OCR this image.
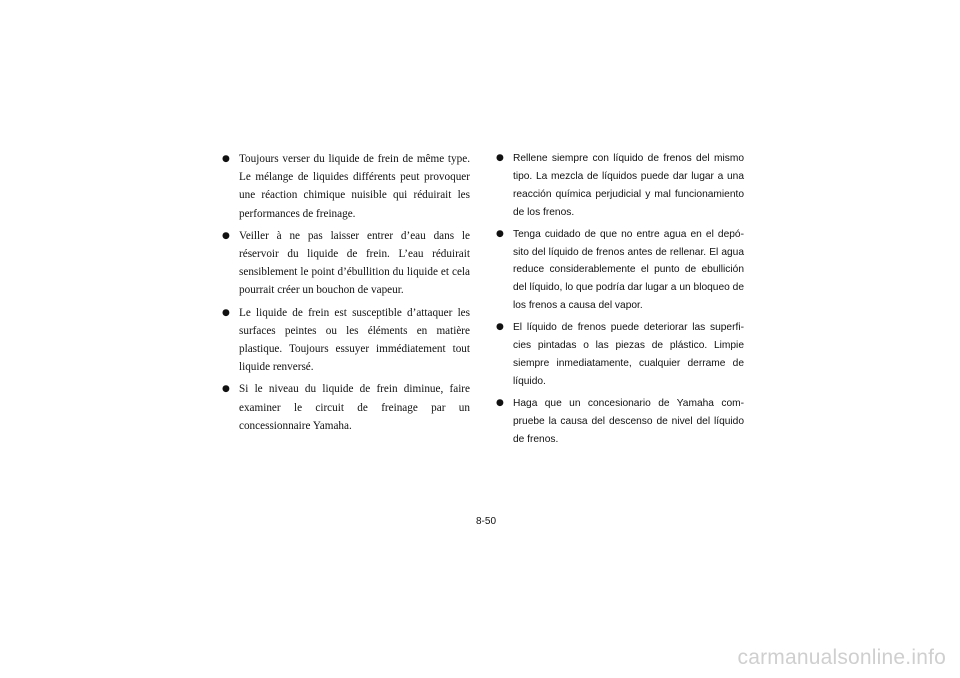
● Toujours verser du liquide de frein de même type. Le mélange de liquides différents peut provoquer une réaction chimique nuisible qui réduirait les performances de freinage.
● Veiller à ne pas laisser entrer d’eau dans le réservoir du liquide de frein. L’eau réduirait sensiblement le point d’ébullition du liquide et cela pourrait créer un bouchon de vapeur.
● Le liquide de frein est susceptible d’attaquer les surfaces peintes ou les éléments en matière plastique. Toujours essuyer immédiatement tout liquide renversé.
● Si le niveau du liquide de frein diminue, faire examiner le circuit de freinage par un concessionnaire Yamaha.
● Rellene siempre con líquido de frenos del mismo tipo. La mezcla de líquidos puede dar lugar a una reacción química perjudicial y mal funcionamiento de los frenos.
● Tenga cuidado de que no entre agua en el depósito del líquido de frenos antes de rellenar. El agua reduce considerablemente el punto de ebullición del líquido, lo que podría dar lugar a un bloqueo de los frenos a causa del vapor.
● El líquido de frenos puede deteriorar las superficies pintadas o las piezas de plástico. Limpie siempre inmediatamente, cualquier derrame de líquido.
● Haga que un concesionario de Yamaha compruebe la causa del descenso de nivel del líquido de frenos.
8-50
carmanualsonline.info
